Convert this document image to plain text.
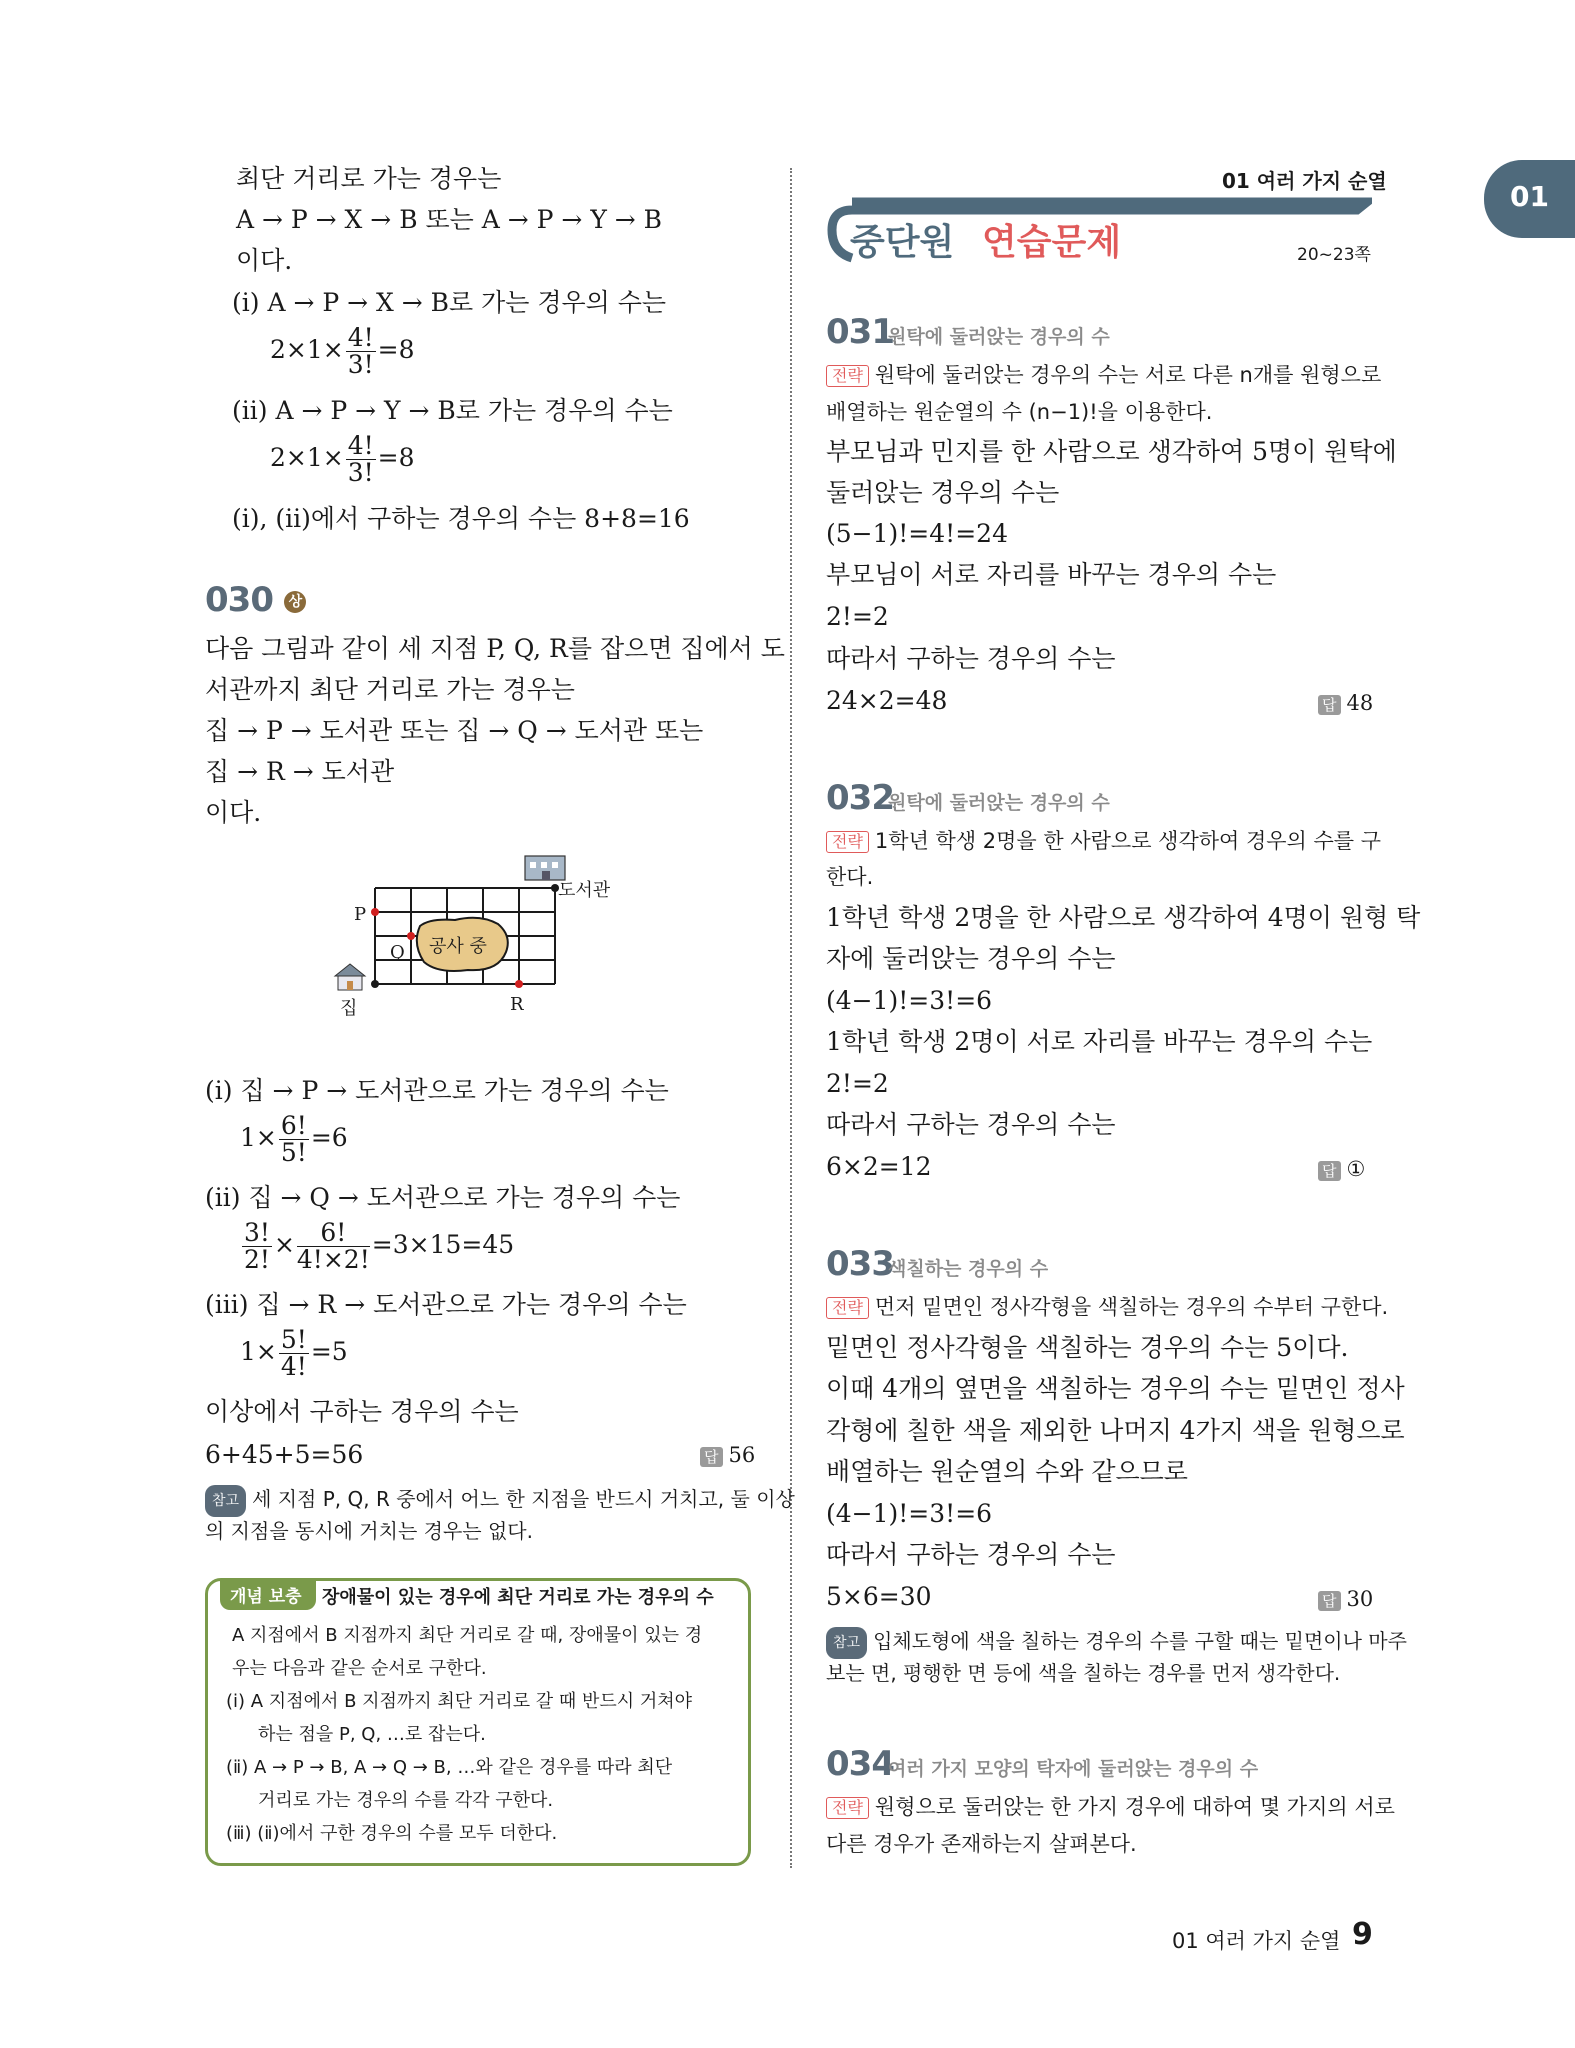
01 여러 가지 순열	01
중단원 연습문제	20~23쪽
최단 거리로 가는 경우는
A → P → X → B 또는 A → P → Y → B
이다.
(ⅰ) A → P → X → B로 가는 경우의 수는
$2\times 1\times \frac{4!}{3!} =8$
(ⅱ) A → P → Y → B로 가는 경우의 수는
$2\times 1\times \frac{4!}{3!} =8$
(ⅰ), (ⅱ)에서 구하는 경우의 수는 8+8=16
030 상
다음 그림과 같이 세 지점 P, Q, R를 잡으면 집에서 도
서관까지 최단 거리로 가는 경우는
집 → P → 도서관 또는 집 → Q → 도서관 또는
집 → R → 도서관
이다.
공사 중
P
Q
R
도서관
집
(ⅰ) 집 → P → 도서관으로 가는 경우의 수는
$1\times \frac{6!}{5!} =6$
(ⅱ) 집 → Q → 도서관으로 가는 경우의 수는
$\frac{3!}{2!} \times \frac{6!}{4!\times 2!} =3\times 15=45$
(ⅲ) 집 → R → 도서관으로 가는 경우의 수는
$1\times \frac{5!}{4!} =5$
이상에서 구하는 경우의 수는
6+45+5=56	답 56
참고 세 지점 P, Q, R 중에서 어느 한 지점을 반드시 거치고, 둘 이상
의 지점을 동시에 거치는 경우는 없다.
개념 보충	장애물이 있는 경우에 최단 거리로 가는 경우의 수
A 지점에서 B 지점까지 최단 거리로 갈 때, 장애물이 있는 경
우는 다음과 같은 순서로 구한다.
(ⅰ) A 지점에서 B 지점까지 최단 거리로 갈 때 반드시 거쳐야
하는 점을 P, Q, …로 잡는다.
(ⅱ) A → P → B, A → Q → B, …와 같은 경우를 따라 최단
거리로 가는 경우의 수를 각각 구한다.
(ⅲ) (ⅱ)에서 구한 경우의 수를 모두 더한다.
031
원탁에 둘러앉는 경우의 수
전략 원탁에 둘러앉는 경우의 수는 서로 다른 n개를 원형으로
배열하는 원순열의 수 (n−1)!을 이용한다.
부모님과 민지를 한 사람으로 생각하여 5명이 원탁에
둘러앉는 경우의 수는
(5−1)!=4!=24
부모님이 서로 자리를 바꾸는 경우의 수는
2!=2
따라서 구하는 경우의 수는
24×2=48	답 48
032
원탁에 둘러앉는 경우의 수
전략 1학년 학생 2명을 한 사람으로 생각하여 경우의 수를 구
한다.
1학년 학생 2명을 한 사람으로 생각하여 4명이 원형 탁
자에 둘러앉는 경우의 수는
(4−1)!=3!=6
1학년 학생 2명이 서로 자리를 바꾸는 경우의 수는
2!=2
따라서 구하는 경우의 수는
6×2=12	답 ①
033
색칠하는 경우의 수
전략 먼저 밑면인 정사각형을 색칠하는 경우의 수부터 구한다.
밑면인 정사각형을 색칠하는 경우의 수는 5이다.
이때 4개의 옆면을 색칠하는 경우의 수는 밑면인 정사
각형에 칠한 색을 제외한 나머지 4가지 색을 원형으로
배열하는 원순열의 수와 같으므로
(4−1)!=3!=6
따라서 구하는 경우의 수는
5×6=30	답 30
참고 입체도형에 색을 칠하는 경우의 수를 구할 때는 밑면이나 마주
보는 면, 평행한 면 등에 색을 칠하는 경우를 먼저 생각한다.
034
여러 가지 모양의 탁자에 둘러앉는 경우의 수
전략 원형으로 둘러앉는 한 가지 경우에 대하여 몇 가지의 서로
다른 경우가 존재하는지 살펴본다.
01 여러 가지 순열 9
